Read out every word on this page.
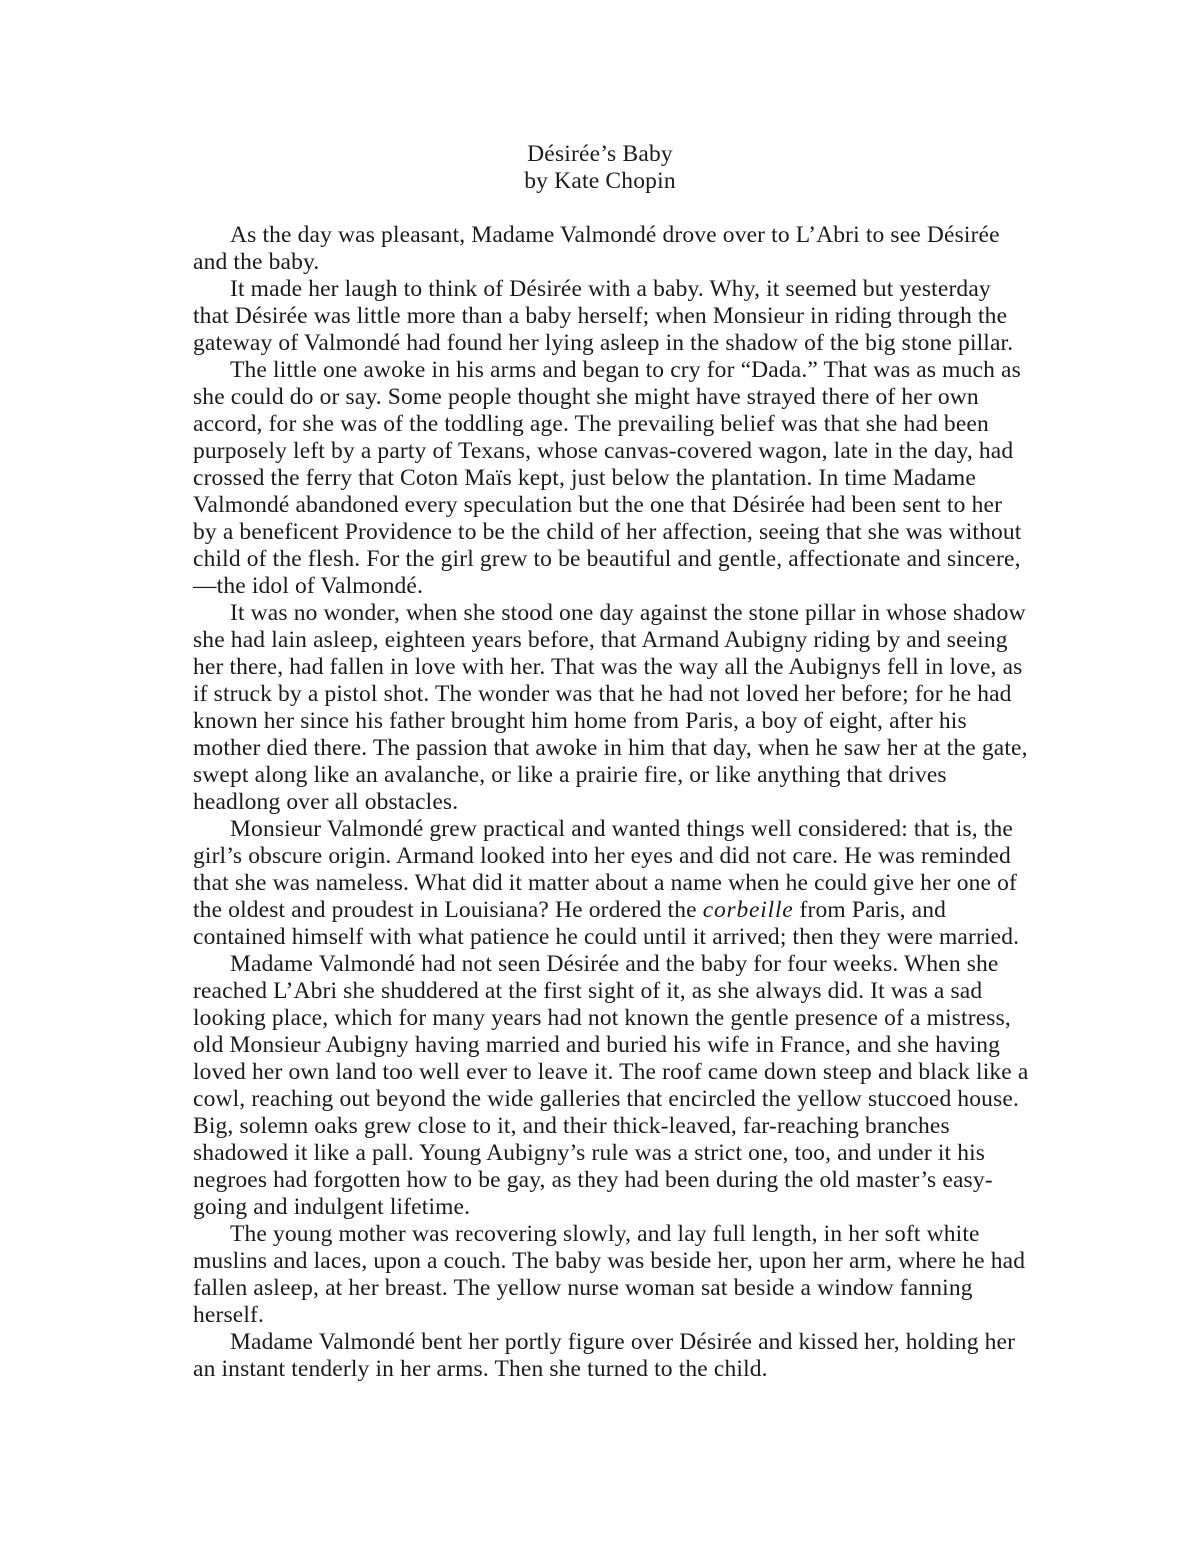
Désirée’s Baby
by Kate Chopin

As the day was pleasant, Madame Valmondé drove over to L’Abri to see Désirée and the baby.

It made her laugh to think of Désirée with a baby. Why, it seemed but yesterday that Désirée was little more than a baby herself; when Monsieur in riding through the gateway of Valmondé had found her lying asleep in the shadow of the big stone pillar.

The little one awoke in his arms and began to cry for “Dada.” That was as much as she could do or say. Some people thought she might have strayed there of her own accord, for she was of the toddling age. The prevailing belief was that she had been purposely left by a party of Texans, whose canvas-covered wagon, late in the day, had crossed the ferry that Coton Maïs kept, just below the plantation. In time Madame Valmondé abandoned every speculation but the one that Désirée had been sent to her by a beneficent Providence to be the child of her affection, seeing that she was without child of the flesh. For the girl grew to be beautiful and gentle, affectionate and sincere,—the idol of Valmondé.

It was no wonder, when she stood one day against the stone pillar in whose shadow she had lain asleep, eighteen years before, that Armand Aubigny riding by and seeing her there, had fallen in love with her. That was the way all the Aubignys fell in love, as if struck by a pistol shot. The wonder was that he had not loved her before; for he had known her since his father brought him home from Paris, a boy of eight, after his mother died there. The passion that awoke in him that day, when he saw her at the gate, swept along like an avalanche, or like a prairie fire, or like anything that drives headlong over all obstacles.

Monsieur Valmondé grew practical and wanted things well considered: that is, the girl’s obscure origin. Armand looked into her eyes and did not care. He was reminded that she was nameless. What did it matter about a name when he could give her one of the oldest and proudest in Louisiana? He ordered the corbeille from Paris, and contained himself with what patience he could until it arrived; then they were married.

Madame Valmondé had not seen Désirée and the baby for four weeks. When she reached L’Abri she shuddered at the first sight of it, as she always did. It was a sad looking place, which for many years had not known the gentle presence of a mistress, old Monsieur Aubigny having married and buried his wife in France, and she having loved her own land too well ever to leave it. The roof came down steep and black like a cowl, reaching out beyond the wide galleries that encircled the yellow stuccoed house. Big, solemn oaks grew close to it, and their thick-leaved, far-reaching branches shadowed it like a pall. Young Aubigny’s rule was a strict one, too, and under it his negroes had forgotten how to be gay, as they had been during the old master’s easy-going and indulgent lifetime.

The young mother was recovering slowly, and lay full length, in her soft white muslins and laces, upon a couch. The baby was beside her, upon her arm, where he had fallen asleep, at her breast. The yellow nurse woman sat beside a window fanning herself.

Madame Valmondé bent her portly figure over Désirée and kissed her, holding her an instant tenderly in her arms. Then she turned to the child.
